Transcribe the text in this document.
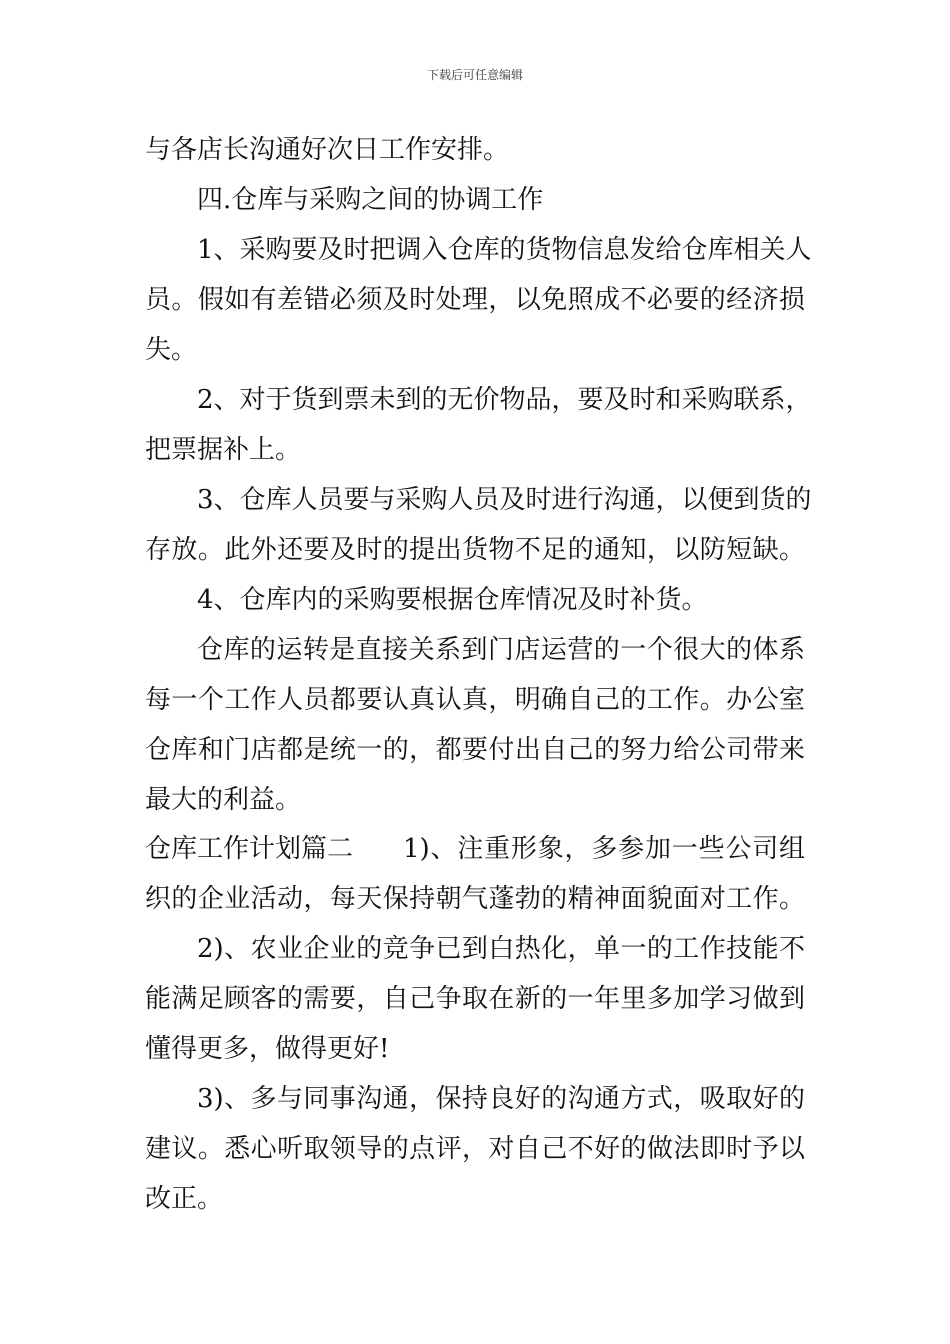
下载后可任意编辑
与各店长沟通好次日工作安排。
四.仓库与采购之间的协调工作
1、采购要及时把调入仓库的货物信息发给仓库相关人
员。假如有差错必须及时处理，以免照成不必要的经济损
失。
2、对于货到票未到的无价物品，要及时和采购联系，
把票据补上。
3、仓库人员要与采购人员及时进行沟通，以便到货的
存放。此外还要及时的提出货物不足的通知，以防短缺。
4、仓库内的采购要根据仓库情况及时补货。
仓库的运转是直接关系到门店运营的一个很大的体系
每一个工作人员都要认真认真，明确自己的工作。办公室
仓库和门店都是统一的，都要付出自己的努力给公司带来
最大的利益。
仓库工作计划篇二	1)、注重形象，多参加一些公司组
织的企业活动，每天保持朝气蓬勃的精神面貌面对工作。
2)、农业企业的竞争已到白热化，单一的工作技能不
能满足顾客的需要，自己争取在新的一年里多加学习做到
懂得更多，做得更好!
3)、多与同事沟通，保持良好的沟通方式，吸取好的
建议。悉心听取领导的点评，对自己不好的做法即时予以
改正。
